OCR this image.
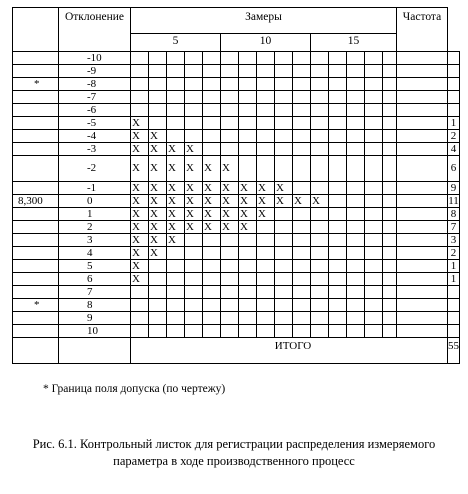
	Отклонение	Замеры															Частота	
		5					10					15						
	-10																	
	-9																	
*	-8																	
	-7																	
	-6																	
	-5	X																1
	-4	X	X															2
	-3	X	X	X	X													4
	-2	X	X	X	X	X	X											6
	-1	X	X	X	X	X	X	X	X	X								9
8,300	0	X	X	X	X	X	X	X	X	X	X	X						11
	1	X	X	X	X	X	X	X	X									8
	2	X	X	X	X	X	X	X										7
	3	X	X	X														3
	4	X	X															2
	5	X																1
	6	X																1
	7																	
*	8																	
	9																	
	10																	
		ИТОГО																55
* Граница поля допуска (по чертежу)
Рис. 6.1. Контрольный листок для регистрации распределения измеряемого
параметра в ходе производственного процесс
